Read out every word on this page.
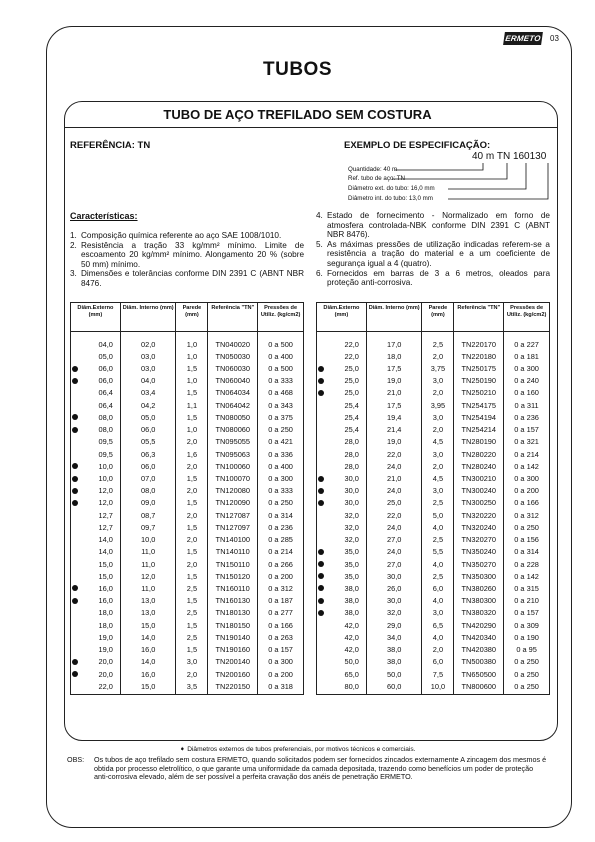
ERMETO 03
TUBOS
TUBO DE AÇO TREFILADO SEM COSTURA
REFERÊNCIA: TN	EXEMPLO DE ESPECIFICAÇÃO:
40 m TN 160130
Quantidade: 40 m
Ref. tubo de aço: TN
Diâmetro ext. do tubo: 16,0 mm
Diâmetro int. do tubo: 13,0 mm
Características:
1. Composição química referente ao aço SAE 1008/1010.
2. Resistência a tração 33 kg/mm² mínimo. Limite de escoamento 20 kg/mm² mínimo. Alongamento 20 % (sobre 50 mm) mínimo.
3. Dimensões e tolerâncias conforme DIN 2391 C (ABNT NBR 8476.
4. Estado de fornecimento - Normalizado em forno de atmosfera controlada-NBK conforme DIN 2391 C (ABNT NBR 8476).
5. As máximas pressões de utilização indicadas referem-se a resistência a tração do material e a um coeficiente de segurança igual a 4 (quatro).
6. Fornecidos em barras de 3 a 6 metros, oleados para proteção anti-corrosiva.
Diâm.Externo (mm)	Diâm. Interno (mm)	Parede (mm)	Referência "TN"	Pressões de Utiliz. (kg/cm2)
04,0	02,0	1,0	TN040020	0 a 500
05,0	03,0	1,0	TN050030	0 a 400

06,0	03,0	1,5	TN060030	0 a 500

06,0	04,0	1,0	TN060040	0 a 333
06,4	03,4	1,5	TN064034	0 a 468
06,4	04,2	1,1	TN064042	0 a 343

08,0	05,0	1,5	TN080050	0 a 375

08,0	06,0	1,0	TN080060	0 a 250
09,5	05,5	2,0	TN095055	0 a 421
09,5	06,3	1,6	TN095063	0 a 336

10,0	06,0	2,0	TN100060	0 a 400

10,0	07,0	1,5	TN100070	0 a 300

12,0	08,0	2,0	TN120080	0 a 333

12,0	09,0	1,5	TN120090	0 a 250
12,7	08,7	2,0	TN127087	0 a 314
12,7	09,7	1,5	TN127097	0 a 236
14,0	10,0	2,0	TN140100	0 a 285
14,0	11,0	1,5	TN140110	0 a 214
15,0	11,0	2,0	TN150110	0 a 266
15,0	12,0	1,5	TN150120	0 a 200

16,0	11,0	2,5	TN160110	0 a 312

16,0	13,0	1,5	TN160130	0 a 187
18,0	13,0	2,5	TN180130	0 a 277
18,0	15,0	1,5	TN180150	0 a 166
19,0	14,0	2,5	TN190140	0 a 263
19,0	16,0	1,5	TN190160	0 a 157

20,0	14,0	3,0	TN200140	0 a 300

20,0	16,0	2,0	TN200160	0 a 200
22,0	15,0	3,5	TN220150	0 a 318
Diâm.Externo (mm)	Diâm. Interno (mm)	Parede (mm)	Referência "TN"	Pressões de Utiliz. (kg/cm2)
22,0	17,0	2,5	TN220170	0 a 227
22,0	18,0	2,0	TN220180	0 a 181

25,0	17,5	3,75	TN250175	0 a 300

25,0	19,0	3,0	TN250190	0 a 240

25,0	21,0	2,0	TN250210	0 a 160
25,4	17,5	3,95	TN254175	0 a 311
25,4	19,4	3,0	TN254194	0 a 236
25,4	21,4	2,0	TN254214	0 a 157
28,0	19,0	4,5	TN280190	0 a 321
28,0	22,0	3,0	TN280220	0 a 214
28,0	24,0	2,0	TN280240	0 a 142

30,0	21,0	4,5	TN300210	0 a 300

30,0	24,0	3,0	TN300240	0 a 200

30,0	25,0	2,5	TN300250	0 a 166
32,0	22,0	5,0	TN320220	0 a 312
32,0	24,0	4,0	TN320240	0 a 250
32,0	27,0	2,5	TN320270	0 a 156

35,0	24,0	5,5	TN350240	0 a 314

35,0	27,0	4,0	TN350270	0 a 228

35,0	30,0	2,5	TN350300	0 a 142

38,0	26,0	6,0	TN380260	0 a 315

38,0	30,0	4,0	TN380300	0 a 210

38,0	32,0	3,0	TN380320	0 a 157
42,0	29,0	6,5	TN420290	0 a 309
42,0	34,0	4,0	TN420340	0 a 190
42,0	38,0	2,0	TN420380	0 a 95
50,0	38,0	6,0	TN500380	0 a 250
65,0	50,0	7,5	TN650500	0 a 250
80,0	60,0	10,0	TN800600	0 a 250
➧ Diâmetros externos de tubos preferenciais, por motivos técnicos e comerciais.
OBS:	Os tubos de aço trefilado sem costura ERMETO, quando solicitados podem ser fornecidos zincados externamente A zincagem dos mesmos é obtida por processo eletrolítico, o que garante uma uniformidade da camada depositada, trazendo como benefícios um poder de proteção anti-corrosiva elevado, além de ser possível a perfeita cravação dos anéis de penetração ERMETO.
